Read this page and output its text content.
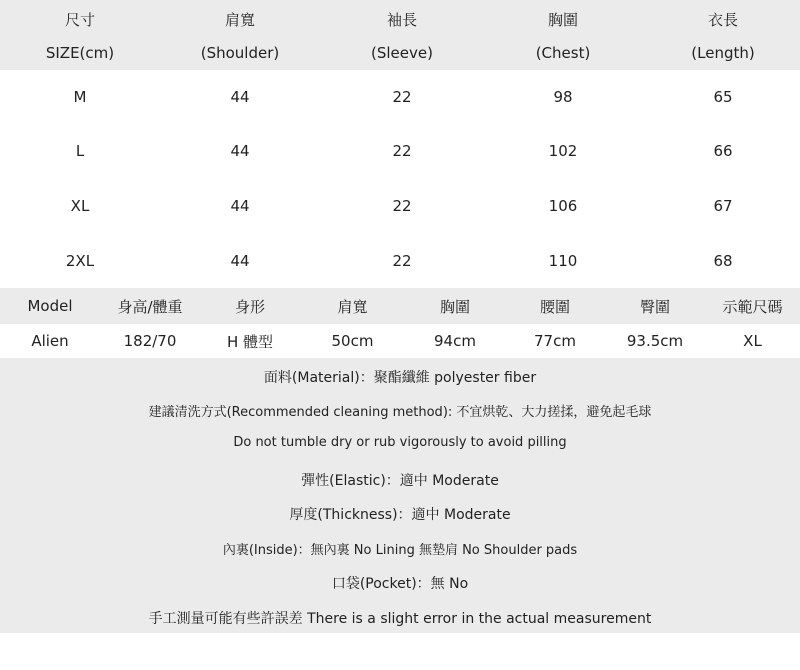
尺寸	肩寬	袖長	胸圍	衣長
SIZE(cm)	(Shoulder)	(Sleeve)	(Chest)	(Length)
M	44	22	98	65
L	44	22	102	66
XL	44	22	106	67
2XL	44	22	110	68
Model	身高/體重	身形	肩寬	胸圍	腰圍	臀圍	示範尺碼
Alien	182/70	H 體型	50cm	94cm	77cm	93.5cm	XL
面料(Material)：聚酯纖維 polyester fiber
建議清洗方式(Recommended cleaning method): 不宜烘乾、大力搓揉，避免起毛球
Do not tumble dry or rub vigorously to avoid pilling
彈性(Elastic)：適中 Moderate
厚度(Thickness)：適中 Moderate
內裏(Inside)：無內裏 No Lining 無墊肩 No Shoulder pads
口袋(Pocket)：無 No
手工測量可能有些許誤差 There is a slight error in the actual measurement
